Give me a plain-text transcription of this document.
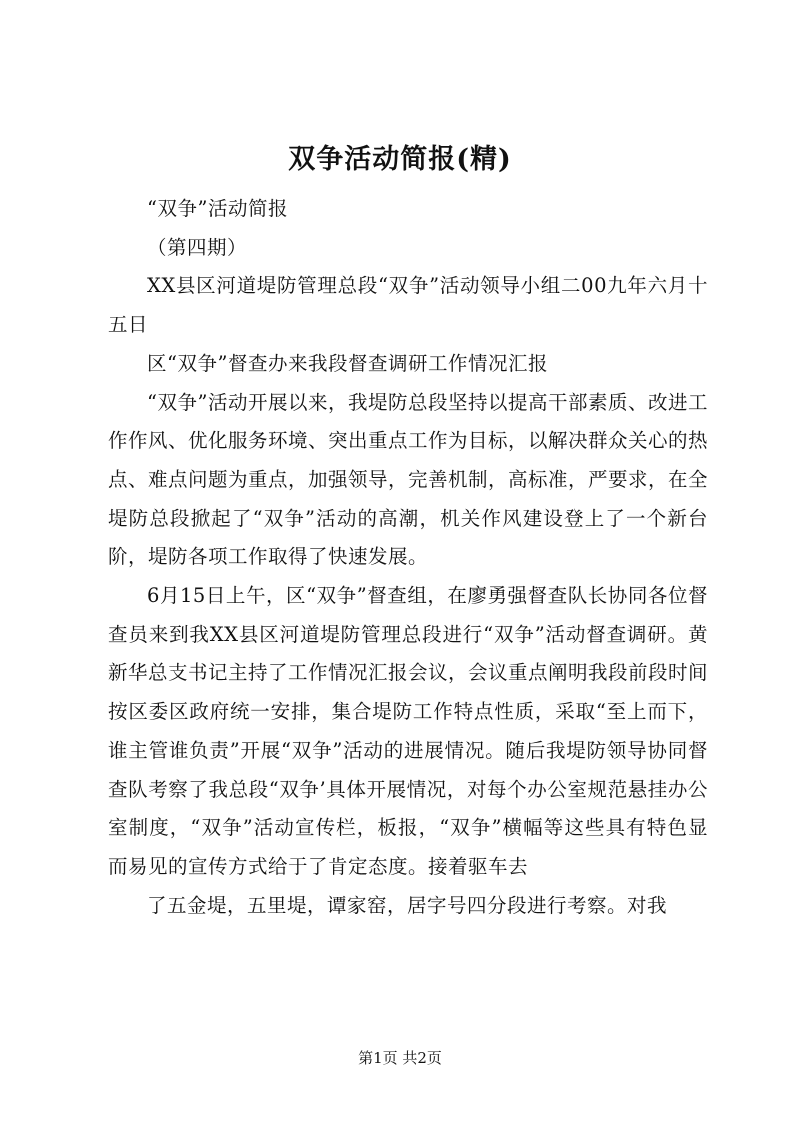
双争活动简报(精)

“双争”活动简报

（第四期）

XX县区河道堤防管理总段“双争”活动领导小组二00九年六月十五日

区“双争”督查办来我段督查调研工作情况汇报

“双争”活动开展以来，我堤防总段坚持以提高干部素质、改进工作作风、优化服务环境、突出重点工作为目标，以解决群众关心的热点、难点问题为重点，加强领导，完善机制，高标准，严要求，在全堤防总段掀起了“双争”活动的高潮，机关作风建设登上了一个新台阶，堤防各项工作取得了快速发展。

6月15日上午，区“双争”督查组，在廖勇强督查队长协同各位督查员来到我XX县区河道堤防管理总段进行“双争”活动督查调研。黄新华总支书记主持了工作情况汇报会议，会议重点阐明我段前段时间按区委区政府统一安排，集合堤防工作特点性质，采取“至上而下，谁主管谁负责”开展“双争”活动的进展情况。随后我堤防领导协同督查队考察了我总段“双争’具体开展情况，对每个办公室规范悬挂办公室制度，“双争”活动宣传栏，板报，“双争”横幅等这些具有特色显而易见的宣传方式给于了肯定态度。接着驱车去

了五金堤，五里堤，谭家窑，居字号四分段进行考察。对我

第1页 共2页
